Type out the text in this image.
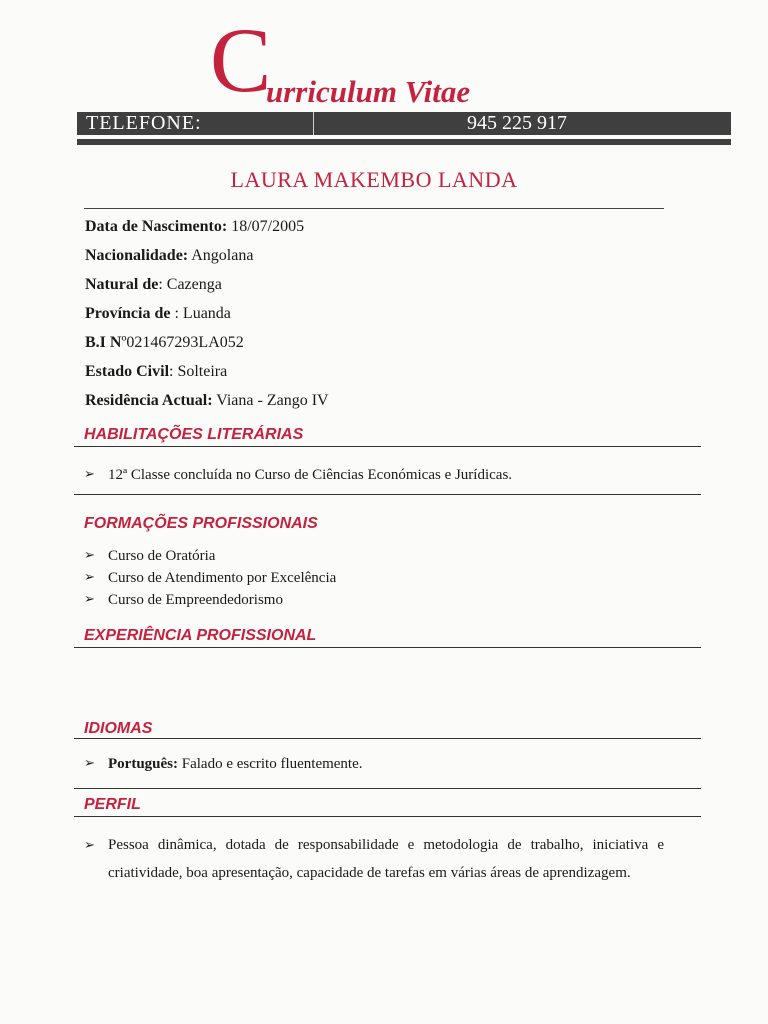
C
urriculum Vitae
TELEFONE:	945 225 917
LAURA MAKEMBO LANDA
Data de Nascimento: 18/07/2005
Nacionalidade: Angolana
Natural de: Cazenga
Província de : Luanda
B.I Nº021467293LA052
Estado Civil: Solteira
Residência Actual: Viana - Zango IV
HABILITAÇÕES LITERÁRIAS
➢ 12ª Classe concluída no Curso de Ciências Económicas e Jurídicas.
FORMAÇÕES PROFISSIONAIS
➢ Curso de Oratória
➢ Curso de Atendimento por Excelência
➢ Curso de Empreendedorismo
EXPERIÊNCIA PROFISSIONAL
IDIOMAS
➢ Português: Falado e escrito fluentemente.
PERFIL
➢ Pessoa dinâmica, dotada de responsabilidade e metodologia de trabalho, iniciativa e criatividade, boa apresentação, capacidade de tarefas em várias áreas de aprendizagem.
